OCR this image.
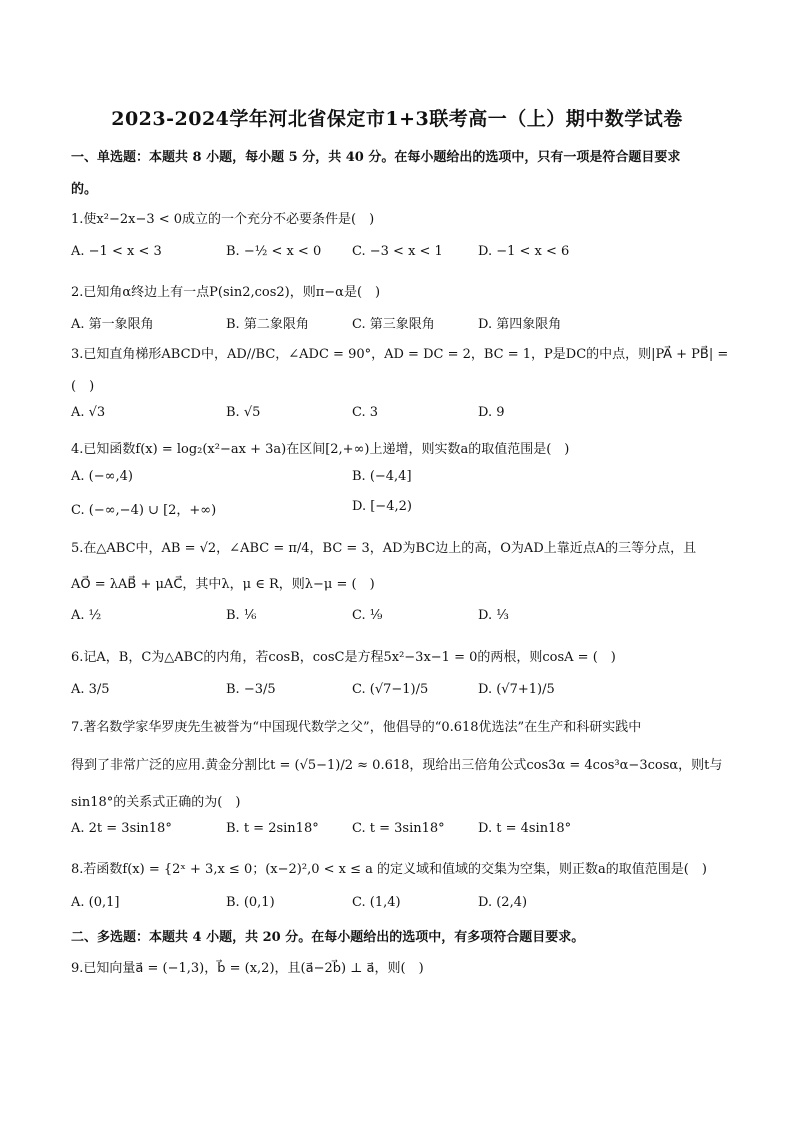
2023-2024学年河北省保定市1+3联考高一（上）期中数学试卷
一、单选题：本题共 8 小题，每小题 5 分，共 40 分。在每小题给出的选项中，只有一项是符合题目要求
的。
1.使x²−2x−3 < 0成立的一个充分不必要条件是(　)
A. −1 < x < 3	B. −½ < x < 0 C. −3 < x < 1	D. −1 < x < 6
2.已知角α终边上有一点P(sin2,cos2)，则π−α是(　)
A. 第一象限角	B. 第二象限角	C. 第三象限角	D. 第四象限角
3.已知直角梯形ABCD中，AD//BC，∠ADC = 90°，AD = DC = 2，BC = 1，P是DC的中点，则|PA⃗ + PB⃗| =
(　)
A. √3	B. √5	C. 3	D. 9
4.已知函数f(x) = log₂(x²−ax + 3a)在区间[2,+∞)上递增，则实数a的取值范围是(　)
A. (−∞,4)	B. (−4,4]
C. (−∞,−4) ∪ [2，+∞)	D. [−4,2)
5.在△ABC中，AB = √2，∠ABC = π/4，BC = 3，AD为BC边上的高，O为AD上靠近点A的三等分点，且
AO⃗ = λAB⃗ + μAC⃗，其中λ，μ ∈ R，则λ−μ = (　)
A. ½	B. ⅙	C. ⅑	D. ⅓
6.记A，B，C为△ABC的内角，若cosB，cosC是方程5x²−3x−1 = 0的两根，则cosA = (　)
A. 3/5	B. −3/5	C. (√7−1)/5	D. (√7+1)/5
7.著名数学家华罗庚先生被誉为“中国现代数学之父”，他倡导的“0.618优选法”在生产和科研实践中
得到了非常广泛的应用.黄金分割比t = (√5−1)/2 ≈ 0.618，现给出三倍角公式cos3α = 4cos³α−3cosα，则t与
sin18°的关系式正确的为(　)
A. 2t = 3sin18°	B. t = 2sin18°	C. t = 3sin18°	D. t = 4sin18°
8.若函数f(x) = {2ˣ + 3,x ≤ 0；(x−2)²,0 < x ≤ a 的定义域和值域的交集为空集，则正数a的取值范围是(　)
A. (0,1]	B. (0,1)	C. (1,4)	D. (2,4)
二、多选题：本题共 4 小题，共 20 分。在每小题给出的选项中，有多项符合题目要求。
9.已知向量a⃗ = (−1,3)，b⃗ = (x,2)，且(a⃗−2b⃗) ⊥ a⃗，则(　)
